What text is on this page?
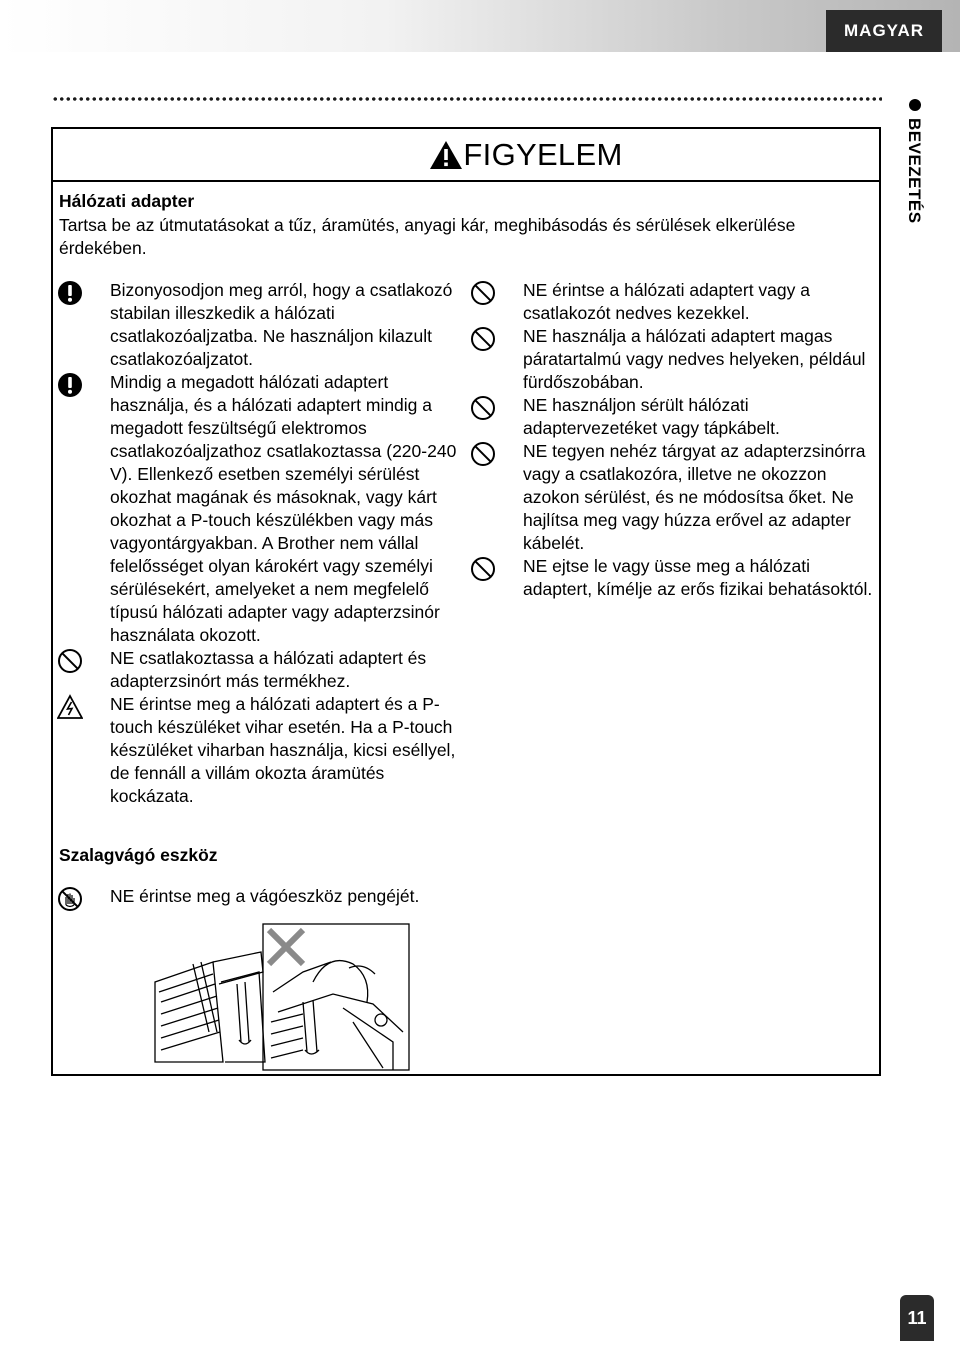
MAGYAR
BEVEZETÉS
FIGYELEM
Hálózati adapter
Tartsa be az útmutatásokat a tűz, áramütés, anyagi kár, meghibásodás és sérülések elkerülése érdekében.
Bizonyosodjon meg arról, hogy a csatlakozó stabilan illeszkedik a hálózati csatlakozóaljzatba. Ne használjon kilazult csatlakozóaljzatot.
Mindig a megadott hálózati adaptert használja, és a hálózati adaptert mindig a megadott feszültségű elektromos csatlakozóaljzathoz csatlakoztassa (220-240 V). Ellenkező esetben személyi sérülést okozhat magának és másoknak, vagy kárt okozhat a P-touch készülékben vagy más vagyontárgyakban. A Brother nem vállal felelősséget olyan károkért vagy személyi sérülésekért, amelyeket a nem megfelelő típusú hálózati adapter vagy adapterzsinór használata okozott.
NE csatlakoztassa a hálózati adaptert és adapterzsinórt más termékhez.
NE érintse meg a hálózati adaptert és a P-touch készüléket vihar esetén. Ha a P-touch készüléket viharban használja, kicsi eséllyel, de fennáll a villám okozta áramütés kockázata.
NE érintse a hálózati adaptert vagy a csatlakozót nedves kezekkel.
NE használja a hálózati adaptert magas páratartalmú vagy nedves helyeken, például fürdőszobában.
NE használjon sérült hálózati adaptervezetéket vagy tápkábelt.
NE tegyen nehéz tárgyat az adapterzsinórra vagy a csatlakozóra, illetve ne okozzon azokon sérülést, és ne módosítsa őket. Ne hajlítsa meg vagy húzza erővel az adapter kábelét.
NE ejtse le vagy üsse meg a hálózati adaptert, kímélje az erős fizikai behatásoktól.
Szalagvágó eszköz
NE érintse meg a vágóeszköz pengéjét.
11
